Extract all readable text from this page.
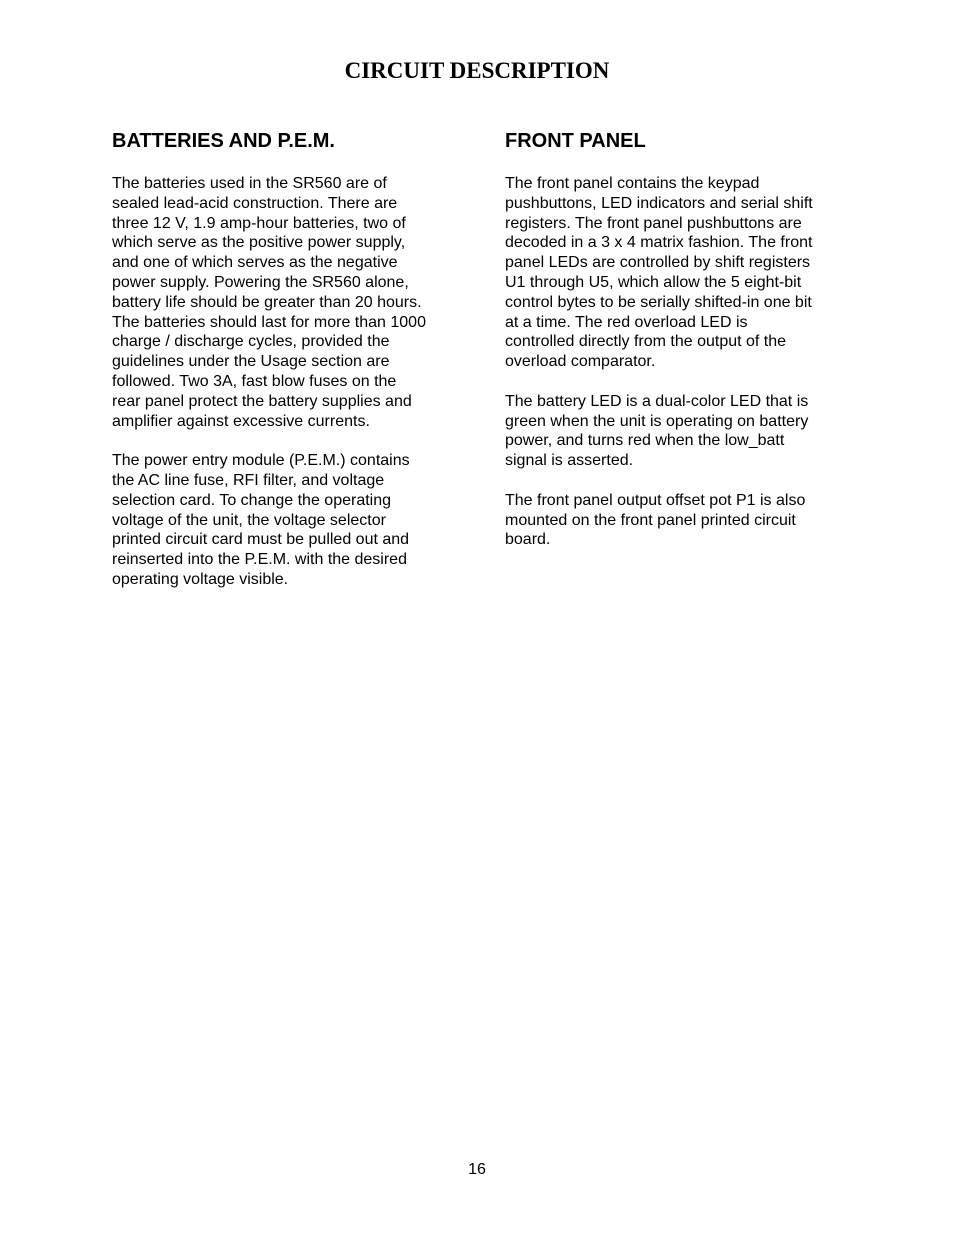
CIRCUIT DESCRIPTION
BATTERIES AND P.E.M.

The batteries used in the SR560 are of
sealed lead-acid construction. There are
three 12 V, 1.9 amp-hour batteries, two of
which serve as the positive power supply,
and one of which serves as the negative
power supply. Powering the SR560 alone,
battery life should be greater than 20 hours.
The batteries should last for more than 1000
charge / discharge cycles, provided the
guidelines under the Usage section are
followed. Two 3A, fast blow fuses on the
rear panel protect the battery supplies and
amplifier against excessive currents.

The power entry module (P.E.M.) contains
the AC line fuse, RFI filter, and voltage
selection card. To change the operating
voltage of the unit, the voltage selector
printed circuit card must be pulled out and
reinserted into the P.E.M. with the desired
operating voltage visible.

FRONT PANEL

The front panel contains the keypad
pushbuttons, LED indicators and serial shift
registers. The front panel pushbuttons are
decoded in a 3 x 4 matrix fashion. The front
panel LEDs are controlled by shift registers
U1 through U5, which allow the 5 eight-bit
control bytes to be serially shifted-in one bit
at a time. The red overload LED is
controlled directly from the output of the
overload comparator.

The battery LED is a dual-color LED that is
green when the unit is operating on battery
power, and turns red when the low_batt
signal is asserted.

The front panel output offset pot P1 is also
mounted on the front panel printed circuit
board.

16
